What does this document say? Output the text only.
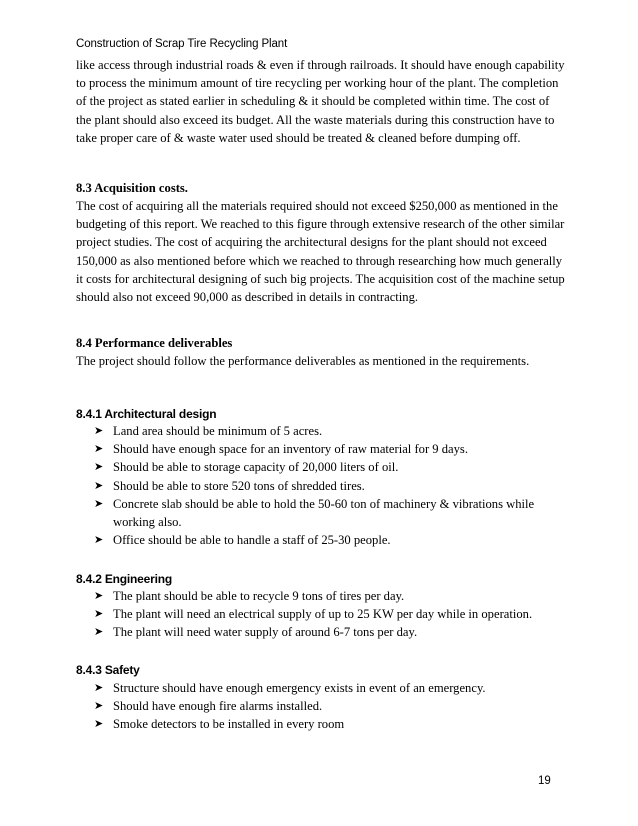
Construction of Scrap Tire Recycling Plant
like access through industrial roads & even if through railroads. It should have enough capability to process the minimum amount of tire recycling per working hour of the plant. The completion of the project as stated earlier in scheduling & it should be completed within time. The cost of the plant should also exceed its budget. All the waste materials during this construction have to take proper care of & waste water used should be treated & cleaned before dumping off.
8.3 Acquisition costs.
The cost of acquiring all the materials required should not exceed $250,000 as mentioned in the budgeting of this report. We reached to this figure through extensive research of the other similar project studies. The cost of acquiring the architectural designs for the plant should not exceed 150,000 as also mentioned before which we reached to through researching how much generally it costs for architectural designing of such big projects. The acquisition cost of the machine setup should also not exceed 90,000 as described in details in contracting.
8.4 Performance deliverables
The project should follow the performance deliverables as mentioned in the requirements.
8.4.1 Architectural design
➤ Land area should be minimum of 5 acres.
➤ Should have enough space for an inventory of raw material for 9 days.
➤ Should be able to storage capacity of 20,000 liters of oil.
➤ Should be able to store 520 tons of shredded tires.
➤ Concrete slab should be able to hold the 50-60 ton of machinery & vibrations while working also.
➤ Office should be able to handle a staff of 25-30 people.
8.4.2 Engineering
➤ The plant should be able to recycle 9 tons of tires per day.
➤ The plant will need an electrical supply of up to 25 KW per day while in operation.
➤ The plant will need water supply of around 6-7 tons per day.
8.4.3 Safety
➤ Structure should have enough emergency exists in event of an emergency.
➤ Should have enough fire alarms installed.
➤ Smoke detectors to be installed in every room
19
